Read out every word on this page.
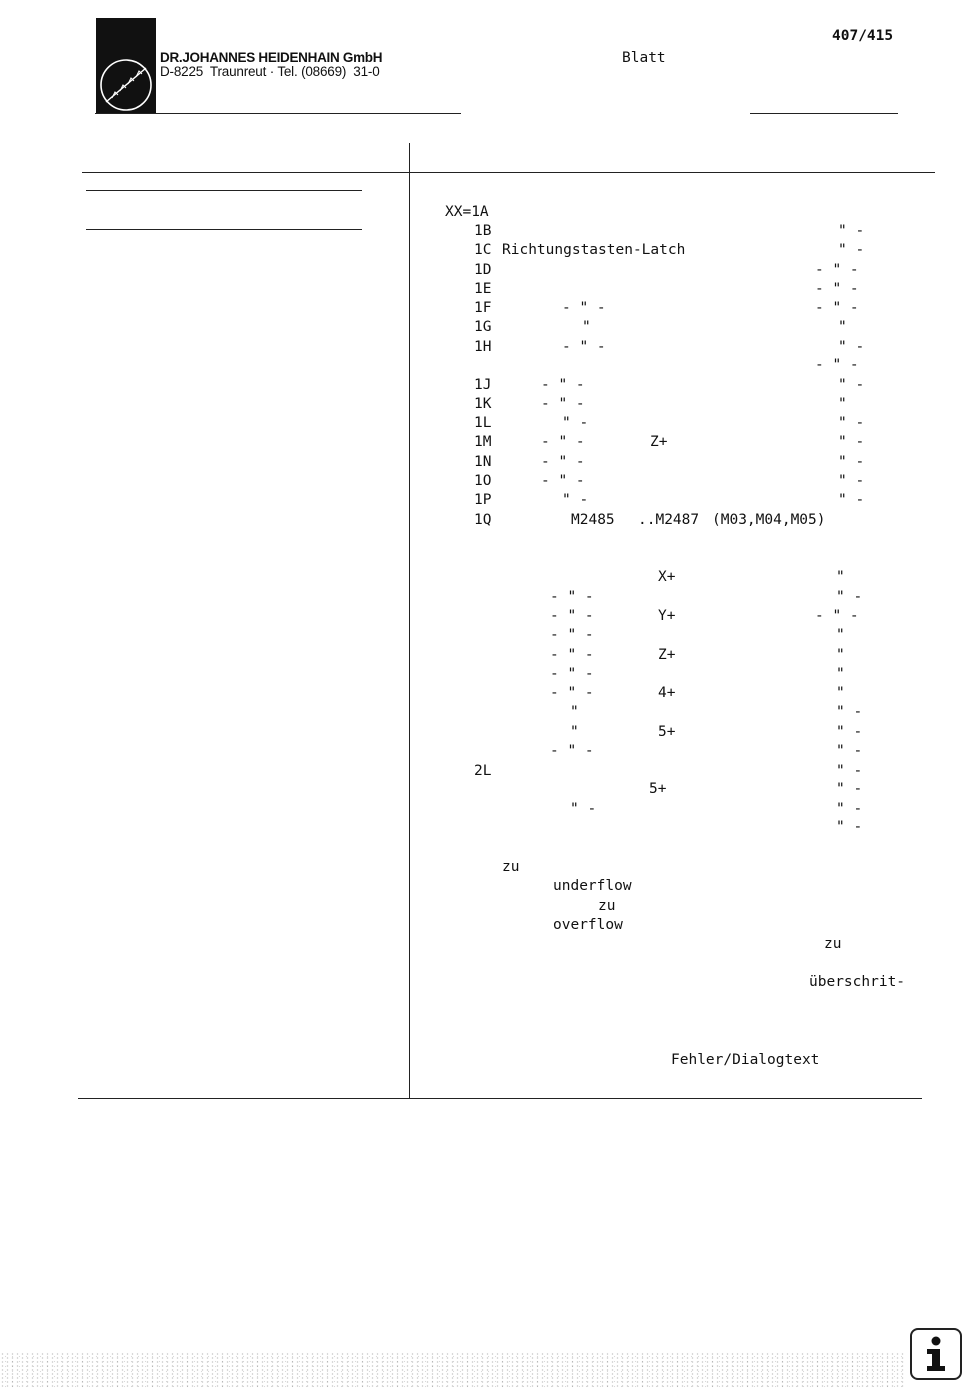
DR.JOHANNES HEIDENHAIN GmbH
D-8225  Traunreut · Tel. (08669)  31-0
407/415
Blatt
XX=1A
1B
1C Richtungstasten-Latch
1D
1E
1F
1G
1H
1J
1K
1L
1M	Z+
1N
1O
1P
1Q	M2485 ..M2487 (M03,M04,M05)
X+
Y+
Z+
4+
5+
2L
5+
zu
underflow
zu
overflow
zu
überschrit-
Fehler/Dialogtext
" -
" -
- " -
- " -
- " -
"
" -
- " -
" -
"
" -
" -
" -
" -
" -
- " -
"
- " -
- " -
- " -
" -
- " -
- " -
- " -
" -
- " -
- " -
- " -
- " -
- " -
- " -
"
"
- " -
" -
"
" -
- " -
"
"
"
"
" -
" -
" -
" -
" -
" -
" -
